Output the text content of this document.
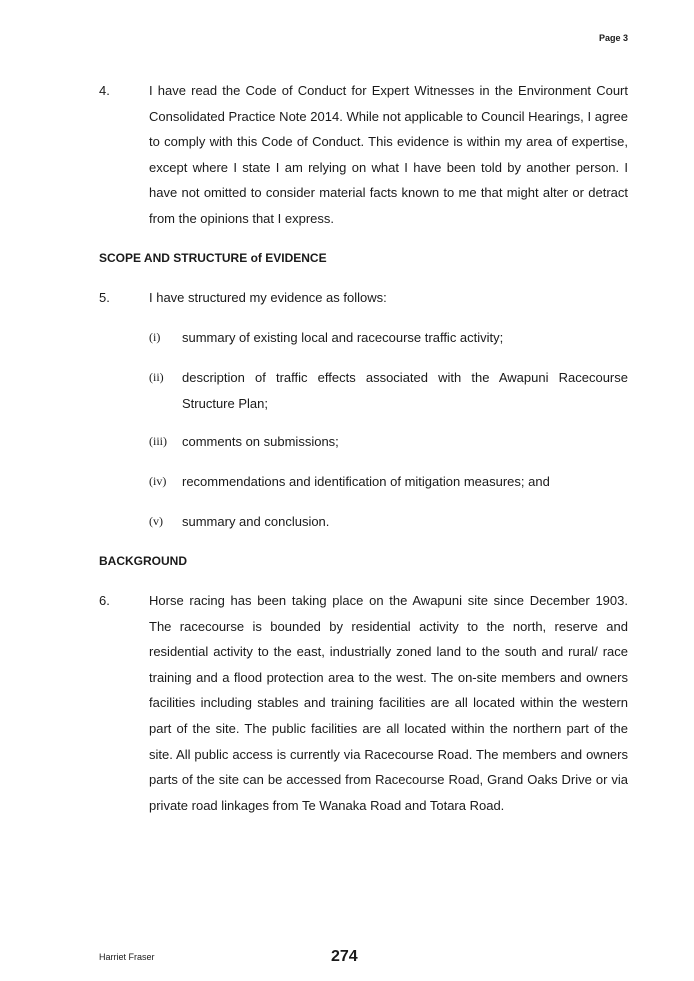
Page 3
4.	I have read the Code of Conduct for Expert Witnesses in the Environment Court Consolidated Practice Note 2014. While not applicable to Council Hearings, I agree to comply with this Code of Conduct. This evidence is within my area of expertise, except where I state I am relying on what I have been told by another person. I have not omitted to consider material facts known to me that might alter or detract from the opinions that I express.
SCOPE AND STRUCTURE of EVIDENCE
5.	I have structured my evidence as follows:
(i) summary of existing local and racecourse traffic activity;
(ii) description of traffic effects associated with the Awapuni Racecourse Structure Plan;
(iii) comments on submissions;
(iv) recommendations and identification of mitigation measures; and
(v) summary and conclusion.
BACKGROUND
6.	Horse racing has been taking place on the Awapuni site since December 1903. The racecourse is bounded by residential activity to the north, reserve and residential activity to the east, industrially zoned land to the south and rural/ race training and a flood protection area to the west. The on-site members and owners facilities including stables and training facilities are all located within the western part of the site. The public facilities are all located within the northern part of the site. All public access is currently via Racecourse Road. The members and owners parts of the site can be accessed from Racecourse Road, Grand Oaks Drive or via private road linkages from Te Wanaka Road and Totara Road.
Harriet Fraser	274
